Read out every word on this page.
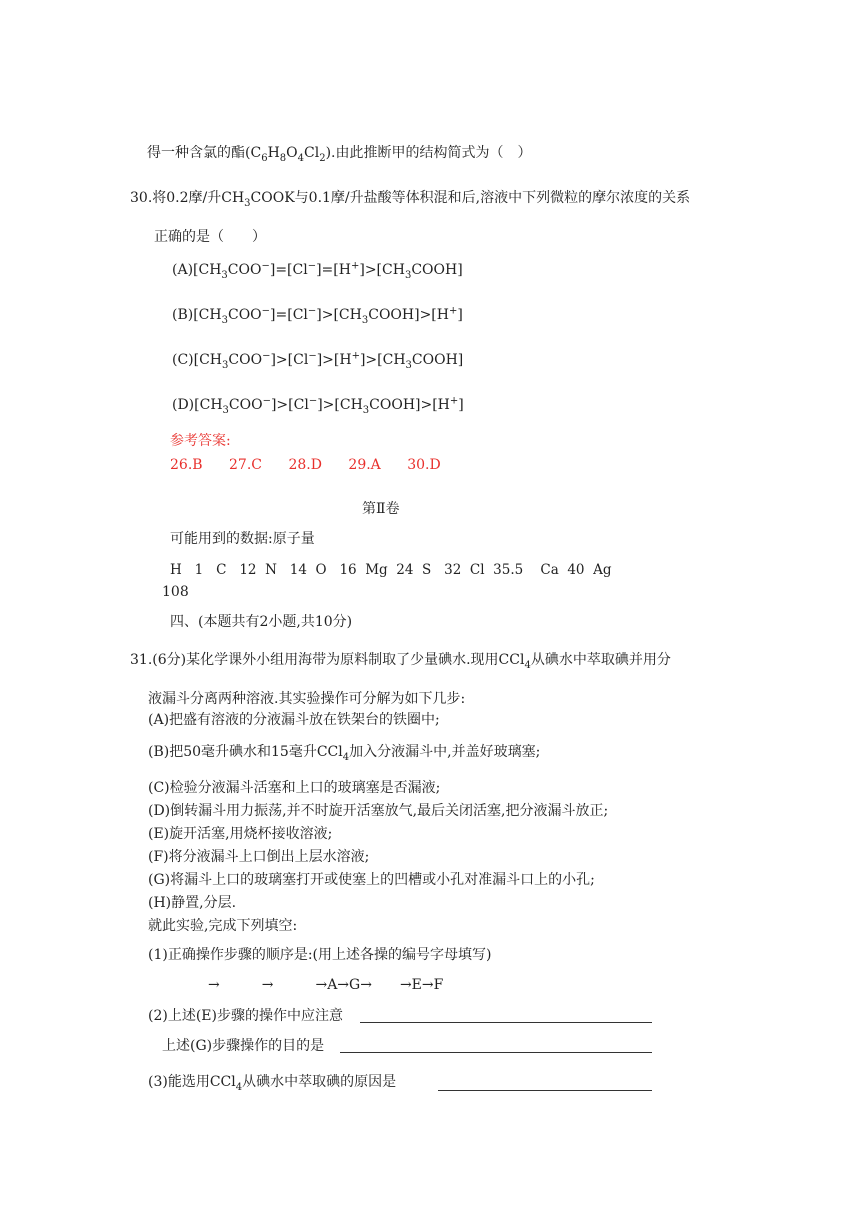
得一种含氯的酯$(C_6H_8O_4Cl_2)$.由此推断甲的结构简式为（　）
30.将0.2摩/升$CH_3COOK$与0.1摩/升盐酸等体积混和后,溶液中下列微粒的摩尔浓度的关系
正确的是（　　）
$(A)[CH_3COO^-]=[Cl^-]=[H^+]>[CH_3COOH]$
$(B)[CH_3COO^-]=[Cl^-]>[CH_3COOH]>[H^+]$
$(C)[CH_3COO^-]>[Cl^-]>[H^+]>[CH_3COOH]$
$(D)[CH_3COO^-]>[Cl^-]>[CH_3COOH]>[H^+]$
参考答案:
26.B 27.C 28.D 29.A 30.D
第Ⅱ卷
可能用到的数据:原子量
H   1   C   12  N   14  O   16  Mg  24  S   32  Cl  35.5    Ca  40  Ag
108
四、(本题共有2小题,共10分)
31.(6分)某化学课外小组用海带为原料制取了少量碘水.现用CCl$_4$从碘水中萃取碘并用分
液漏斗分离两种溶液.其实验操作可分解为如下几步:
(A)把盛有溶液的分液漏斗放在铁架台的铁圈中;
(B)把50毫升碘水和15毫升CCl$_4$加入分液漏斗中,并盖好玻璃塞;
(C)检验分液漏斗活塞和上口的玻璃塞是否漏液;
(D)倒转漏斗用力振荡,并不时旋开活塞放气,最后关闭活塞,把分液漏斗放正;
(E)旋开活塞,用烧杯接收溶液;
(F)将分液漏斗上口倒出上层水溶液;
(G)将漏斗上口的玻璃塞打开或使塞上的凹槽或小孔对准漏斗口上的小孔;
(H)静置,分层.
就此实验,完成下列填空:
(1)正确操作步骤的顺序是:(用上述各操的编号字母填写)
→　　　→　　　→A→G→　　→E→F
(2)上述(E)步骤的操作中应注意
上述(G)步骤操作的目的是
(3)能选用CCl$_4$从碘水中萃取碘的原因是
